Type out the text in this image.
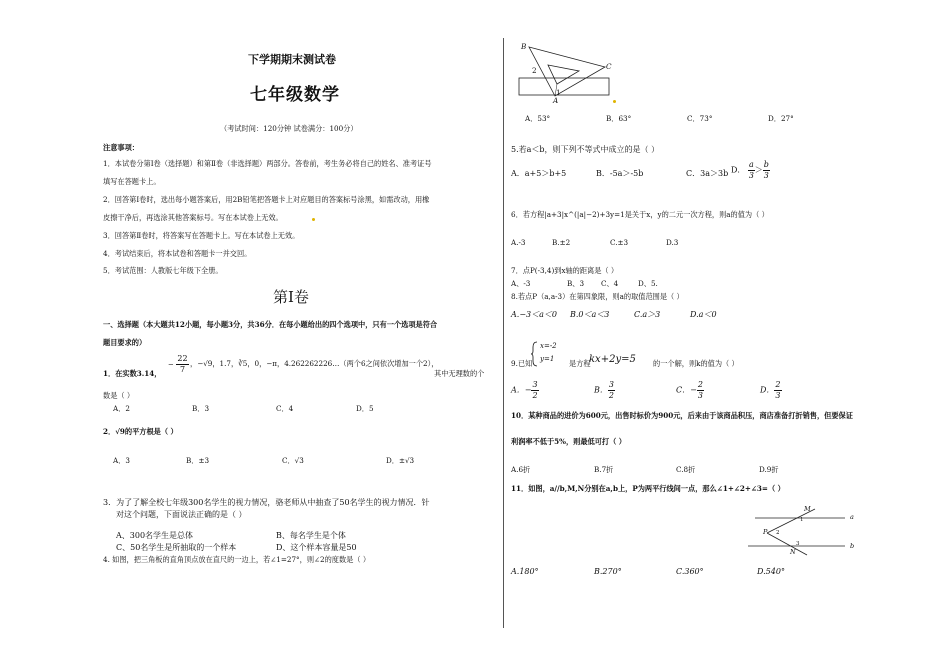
下学期期末测试卷
七年级数学
（考试时间：120分钟 试卷满分：100分）
注意事项：
1．本试卷分第Ⅰ卷（选择题）和第Ⅱ卷（非选择题）两部分。答卷前，考生务必将自己的姓名、准考证号
填写在答题卡上。
2．回答第Ⅰ卷时，选出每小题答案后，用2B铅笔把答题卡上对应题目的答案标号涂黑，如需改动，用橡
皮擦干净后，再选涂其他答案标号。写在本试卷上无效。
3．回答第Ⅱ卷时，将答案写在答题卡上。写在本试卷上无效。
4．考试结束后，将本试卷和答题卡一并交回。
5．考试范围：人教版七年级下全册。
第Ⅰ卷
一、选择题（本大题共12小题，每小题3分，共36分．在每小题给出的四个选项中，只有一个选项是符合
题目要求的）
1．在实数3.14，
− $\frac{22}{7}$ ，−√9，1.7，∛5，0，−π，4.262262226…（两个6之间依次增加一个2），
其中无理数的个
数是（ ）
A．2	B．3	C．4	D．5
2．√9的平方根是（ ）
A．3	B．±3	C．√3	D．±√3
3．为了了解全校七年级300名学生的视力情况，骆老师从中抽查了50名学生的视力情况．针
对这个问题，下面说法正确的是（ ）
A、300名学生是总体	B、每名学生是个体
C、50名学生是所抽取的一个样本	D、这个样本容量是50
4. 如图，把三角板的直角顶点放在直尺的一边上，若∠1=27°，则∠2的度数是（ ）
B
C
A
2
1
A．53°	B．63°	C．73°	D．27°
5.若a＜b，则下列不等式中成立的是（ ）
A．a+5＞b+5	B．-5a＞-5b	C．3a＞3b D． $\frac{a}{3} > \frac{b}{3}$
6．若方程|a+3|x^(|a|−2)+3y=1是关于x，y的二元一次方程，则a的值为（ ）
A.-3	B.±2	C.±3	D.3
7．点P(-3,4)到x轴的距离是（ ）
A、-3	B、3 C、4	D、5.
8.若点P（a,a-3）在第四象限，则a的取值范围是（ ）
A.−3＜a＜0 B.0＜a＜3	C.a＞3	D.a＜0
9.已知
x=-2
y=1 是方程
kx+2y=5 的一个解，则k的值为（ ）
A．− $\frac{3}{2}$	B． $\frac{3}{2}$	C．− $\frac{2}{3}$	D． $\frac{2}{3}$
10．某种商品的进价为600元，出售时标价为900元，后来由于该商品积压，商店准备打折销售，但要保证
利润率不低于5%，则最低可打（ ）
A.6折	B.7折	C.8折	D.9折
11．如图，a//b,M,N分别在a,b上，P为两平行线间一点，那么∠1+∠2+∠3=（ ）
M
a
P
b
N
1
2
3
A.180°	B.270°	C.360°	D.540°
